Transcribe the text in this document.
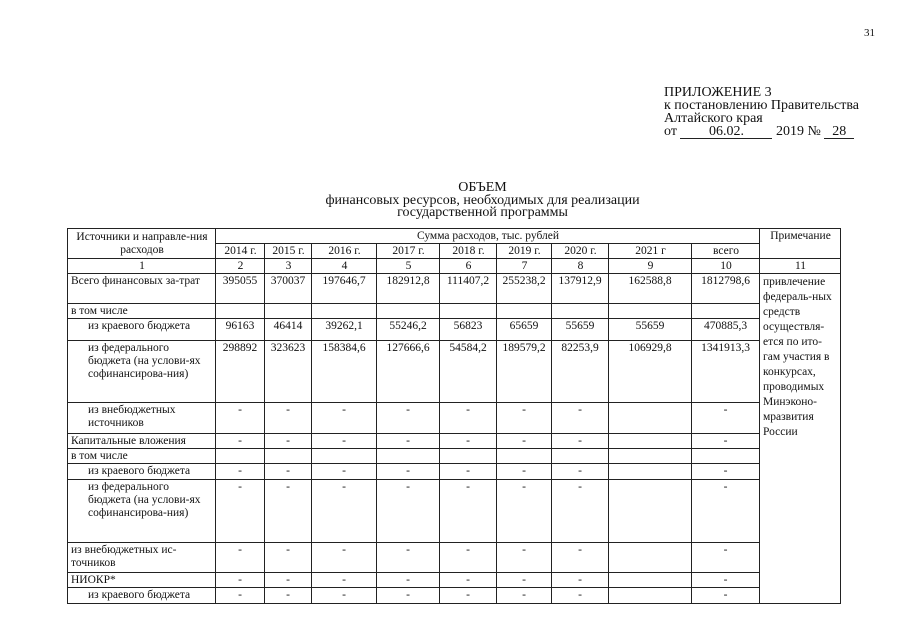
31
ПРИЛОЖЕНИЕ 3
к постановлению Правительства
Алтайского края
от 06.02. 2019 № 28
ОБЪЕМ
финансовых ресурсов, необходимых для реализации
государственной программы
Источники и направле-ния расходов	Сумма расходов, тыс. рублей									Примечание
	2014 г.	2015 г.	2016 г.	2017 г.	2018 г.	2019 г.	2020 г.	2021 г	всего	
1	2	3	4	5	6	7	8	9	10	11
Всего финансовых за-трат	395055	370037	197646,7	182912,8	111407,2	255238,2	137912,9	162588,8	1812798,6	привлечение федераль-ных средств осуществля-ется по ито-гам участия в конкурсах, проводимых Минэконо-мразвития России
в том числе										
из краевого бюджета	96163	46414	39262,1	55246,2	56823	65659	55659	55659	470885,3	
из федерального бюджета (на услови-ях софинансирова-ния)	298892	323623	158384,6	127666,6	54584,2	189579,2	82253,9	106929,8	1341913,3	
из внебюджетных источников	-	-	-	-	-	-	-		-	
Капитальные вложения	-	-	-	-	-	-	-		-	
в том числе										
из краевого бюджета	-	-	-	-	-	-	-		-	
из федерального бюджета (на услови-ях софинансирова-ния)	-	-	-	-	-	-	-		-	
из внебюджетных ис-точников	-	-	-	-	-	-	-		-	
НИОКР*	-	-	-	-	-	-	-		-	
из краевого бюджета	-	-	-	-	-	-	-		-	
